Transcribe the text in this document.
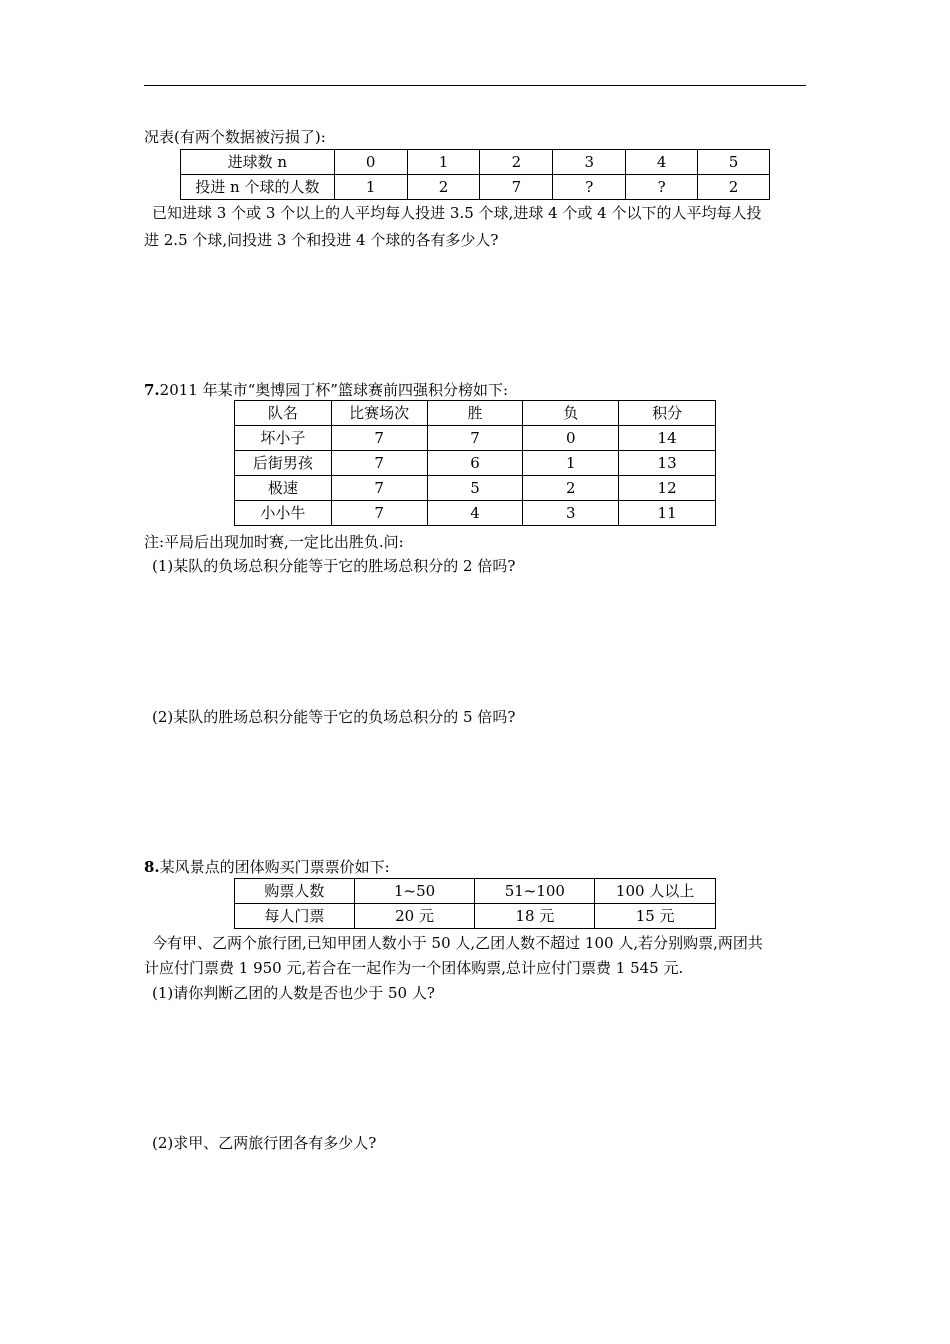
况表(有两个数据被污损了):
进球数 n	0	1	2	3	4	5
投进 n 个球的人数	1	2	7	?	?	2
已知进球 3 个或 3 个以上的人平均每人投进 3.5 个球,进球 4 个或 4 个以下的人平均每人投
进 2.5 个球,问投进 3 个和投进 4 个球的各有多少人?
7.2011 年某市“奥博园丁杯”篮球赛前四强积分榜如下:
队名	比赛场次	胜	负	积分
坏小子	7	7	0	14
后街男孩	7	6	1	13
极速	7	5	2	12
小小牛	7	4	3	11
注:平局后出现加时赛,一定比出胜负.问:
(1)某队的负场总积分能等于它的胜场总积分的 2 倍吗?
(2)某队的胜场总积分能等于它的负场总积分的 5 倍吗?
8.某风景点的团体购买门票票价如下:
购票人数	1~50	51~100	100 人以上
每人门票	20 元	18 元	15 元
今有甲、乙两个旅行团,已知甲团人数小于 50 人,乙团人数不超过 100 人,若分别购票,两团共
计应付门票费 1 950 元,若合在一起作为一个团体购票,总计应付门票费 1 545 元.
(1)请你判断乙团的人数是否也少于 50 人?
(2)求甲、乙两旅行团各有多少人?
